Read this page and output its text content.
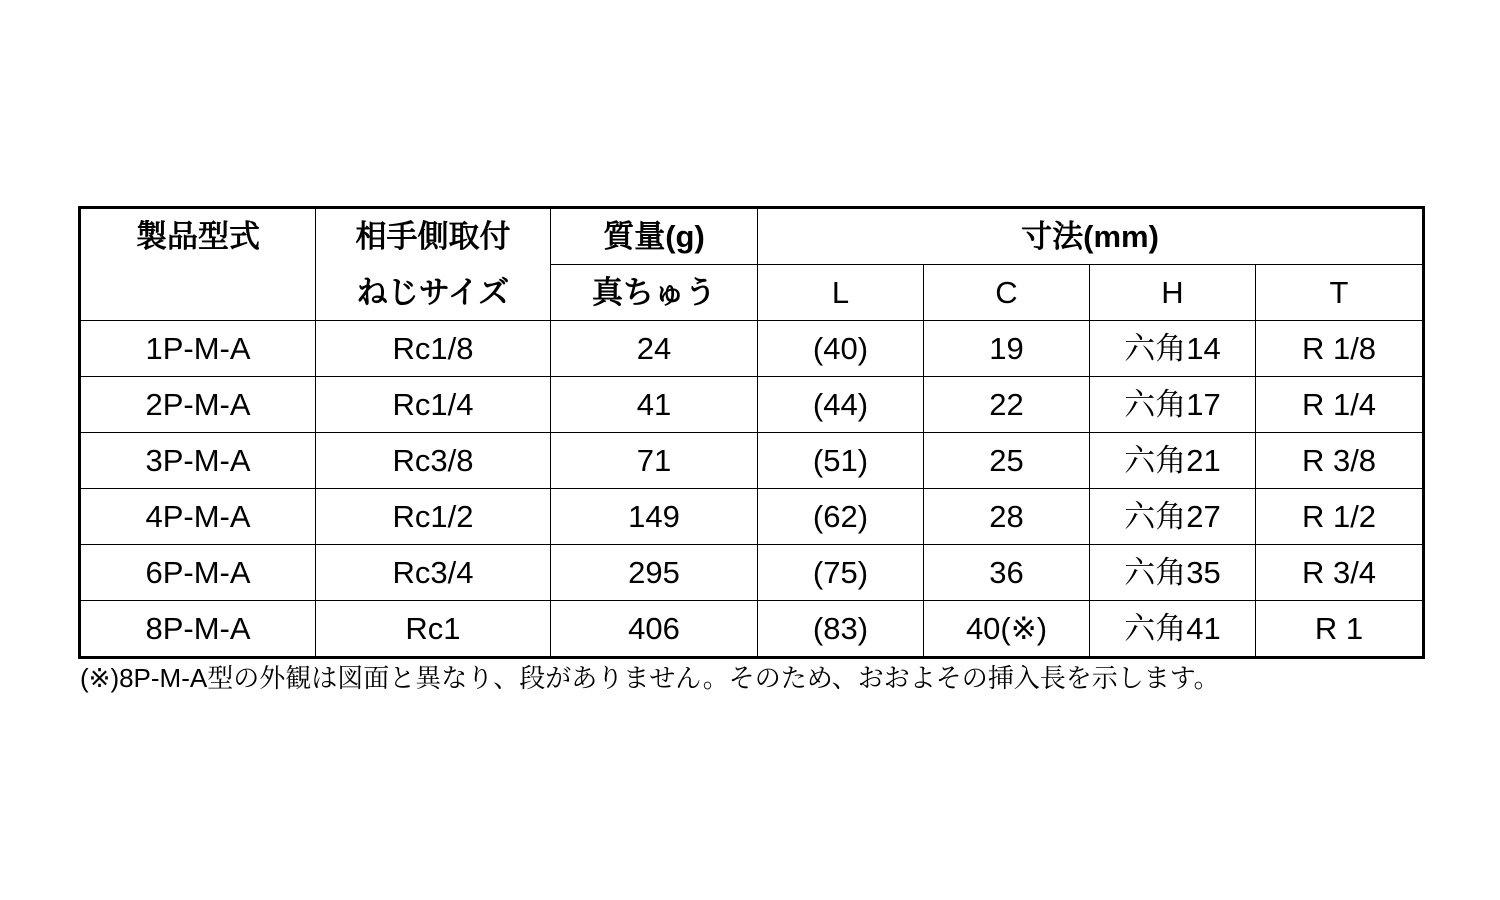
製品型式	相手側取付	質量(g)	寸法(mm)			
	ねじサイズ	真ちゅう	L	C	H	T
1P-M-A	Rc1/8	24	(40)	19	六角14	R 1/8
2P-M-A	Rc1/4	41	(44)	22	六角17	R 1/4
3P-M-A	Rc3/8	71	(51)	25	六角21	R 3/8
4P-M-A	Rc1/2	149	(62)	28	六角27	R 1/2
6P-M-A	Rc3/4	295	(75)	36	六角35	R 3/4
8P-M-A	Rc1	406	(83)	40(※)	六角41	R 1
(※)8P-M-A型の外観は図面と異なり、段がありません。そのため、おおよその挿入長を示します。
